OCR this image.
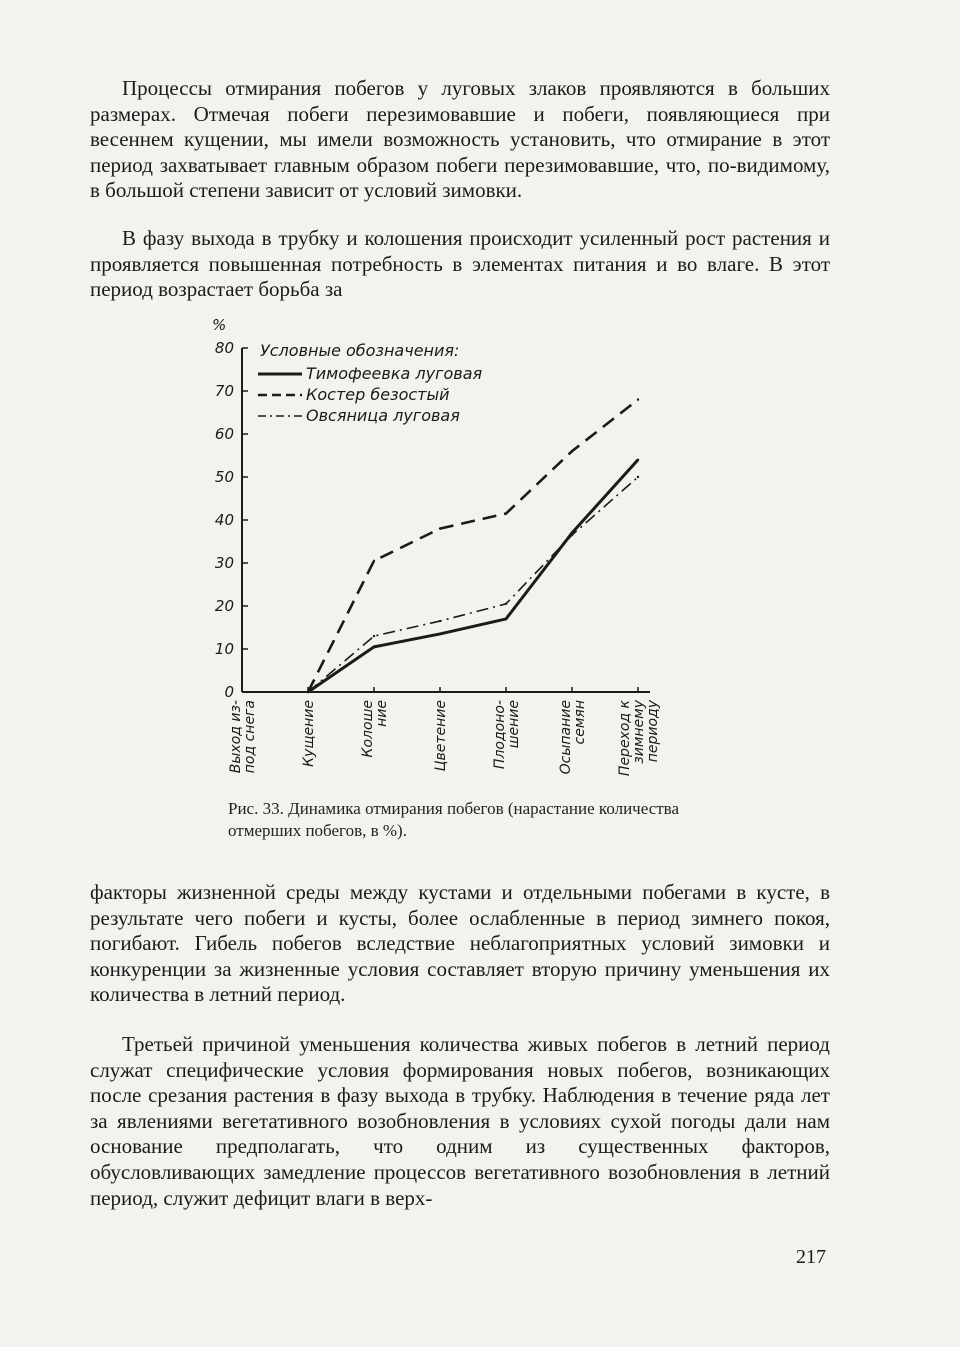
Процессы отмирания побегов у луговых злаков проявляются в больших размерах. Отмечая побеги перезимовавшие и побеги, появляющиеся при весеннем кущении, мы имели возможность установить, что отмирание в этот период захватывает главным образом побеги перезимовавшие, что, по-видимому, в большой степени зависит от условий зимовки.

В фазу выхода в трубку и колошения происходит усиленный рост растения и проявляется повышенная потребность в элементах питания и во влаге. В этот период возрастает борьба за

%
0
10
20
30
40
50
60
70
80
Выход из-
под снега	Кущение	Колоше
ние	Цветение	Плодоно-
шение	Осыпание
семян Переход к
зимнему
периоду
Условные обозначения:
Тимофеевка луговая
Костер безостый
Овсяница луговая

Рис. 33. Динамика отмирания побегов (нарастание количества отмерших побегов, в %).

факторы жизненной среды между кустами и отдельными побегами в кусте, в результате чего побеги и кусты, более ослабленные в период зимнего покоя, погибают. Гибель побегов вследствие неблагоприятных условий зимовки и конкуренции за жизненные условия составляет вторую причину уменьшения их количества в летний период.

Третьей причиной уменьшения количества живых побегов в летний период служат специфические условия формирования новых побегов, возникающих после срезания растения в фазу выхода в трубку. Наблюдения в течение ряда лет за явлениями вегетативного возобновления в условиях сухой погоды дали нам основание предполагать, что одним из существенных факторов, обусловливающих замедление процессов вегетативного возобновления в летний период, служит дефицит влаги в верх-

217
